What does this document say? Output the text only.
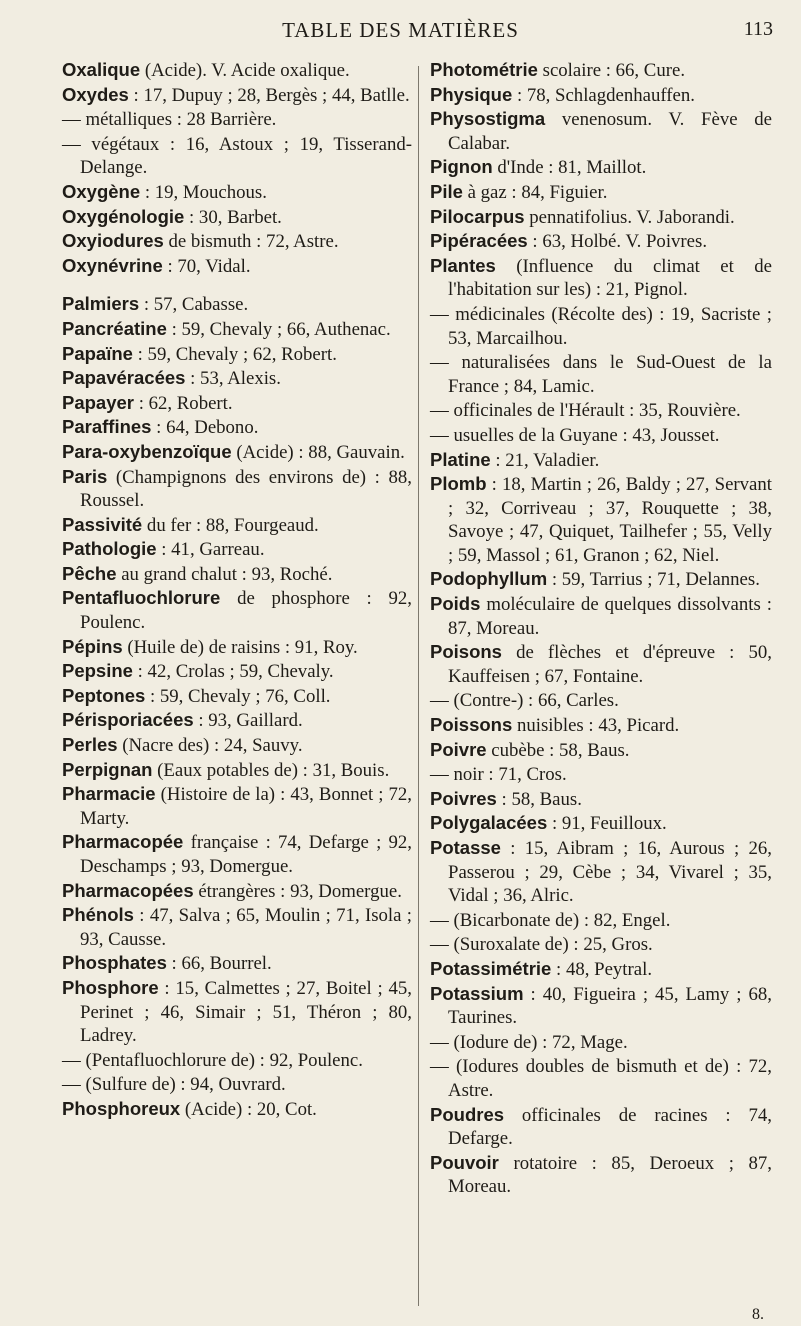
TABLE DES MATIÈRES	113

Oxalique (Acide). V. Acide oxalique.

Oxydes : 17, Dupuy ; 28, Bergès ; 44, Batlle.

— métalliques : 28 Barrière.

— végétaux : 16, Astoux ; 19, Tisserand-Delange.

Oxygène : 19, Mouchous.

Oxygénologie : 30, Barbet.

Oxyiodures de bismuth : 72, Astre.

Oxynévrine : 70, Vidal.

Palmiers : 57, Cabasse.

Pancréatine : 59, Chevaly ; 66, Authenac.

Papaïne : 59, Chevaly ; 62, Robert.

Papavéracées : 53, Alexis.

Papayer : 62, Robert.

Paraffines : 64, Debono.

Para-oxybenzoïque (Acide) : 88, Gauvain.

Paris (Champignons des environs de) : 88, Roussel.

Passivité du fer : 88, Fourgeaud.

Pathologie : 41, Garreau.

Pêche au grand chalut : 93, Roché.

Pentafluochlorure de phosphore : 92, Poulenc.

Pépins (Huile de) de raisins : 91, Roy.

Pepsine : 42, Crolas ; 59, Chevaly.

Peptones : 59, Chevaly ; 76, Coll.

Périsporiacées : 93, Gaillard.

Perles (Nacre des) : 24, Sauvy.

Perpignan (Eaux potables de) : 31, Bouis.

Pharmacie (Histoire de la) : 43, Bonnet ; 72, Marty.

Pharmacopée française : 74, Defarge ; 92, Deschamps ; 93, Domergue.

Pharmacopées étrangères : 93, Domergue.

Phénols : 47, Salva ; 65, Moulin ; 71, Isola ; 93, Causse.

Phosphates : 66, Bourrel.

Phosphore : 15, Calmettes ; 27, Boitel ; 45, Perinet ; 46, Simair ; 51, Théron ; 80, Ladrey.

— (Pentafluochlorure de) : 92, Poulenc.

— (Sulfure de) : 94, Ouvrard.

Phosphoreux (Acide) : 20, Cot.

Photométrie scolaire : 66, Cure.

Physique : 78, Schlagdenhauffen.

Physostigma venenosum. V. Fève de Calabar.

Pignon d'Inde : 81, Maillot.

Pile à gaz : 84, Figuier.

Pilocarpus pennatifolius. V. Jaborandi.

Pipéracées : 63, Holbé. V. Poivres.

Plantes (Influence du climat et de l'habitation sur les) : 21, Pignol.

— médicinales (Récolte des) : 19, Sacriste ; 53, Marcailhou.

— naturalisées dans le Sud-Ouest de la France ; 84, Lamic.

— officinales de l'Hérault : 35, Rouvière.

— usuelles de la Guyane : 43, Jousset.

Platine : 21, Valadier.

Plomb : 18, Martin ; 26, Baldy ; 27, Servant ; 32, Corriveau ; 37, Rouquette ; 38, Savoye ; 47, Quiquet, Tailhefer ; 55, Velly ; 59, Massol ; 61, Granon ; 62, Niel.

Podophyllum : 59, Tarrius ; 71, Delannes.

Poids moléculaire de quelques dissolvants : 87, Moreau.

Poisons de flèches et d'épreuve : 50, Kauffeisen ; 67, Fontaine.

— (Contre-) : 66, Carles.

Poissons nuisibles : 43, Picard.

Poivre cubèbe : 58, Baus.

— noir : 71, Cros.

Poivres : 58, Baus.

Polygalacées : 91, Feuilloux.

Potasse : 15, Aibram ; 16, Aurous ; 26, Passerou ; 29, Cèbe ; 34, Vivarel ; 35, Vidal ; 36, Alric.

— (Bicarbonate de) : 82, Engel.

— (Suroxalate de) : 25, Gros.

Potassimétrie : 48, Peytral.

Potassium : 40, Figueira ; 45, Lamy ; 68, Taurines.

— (Iodure de) : 72, Mage.

— (Iodures doubles de bismuth et de) : 72, Astre.

Poudres officinales de racines : 74, Defarge.

Pouvoir rotatoire : 85, Deroeux ; 87, Moreau.

8.
